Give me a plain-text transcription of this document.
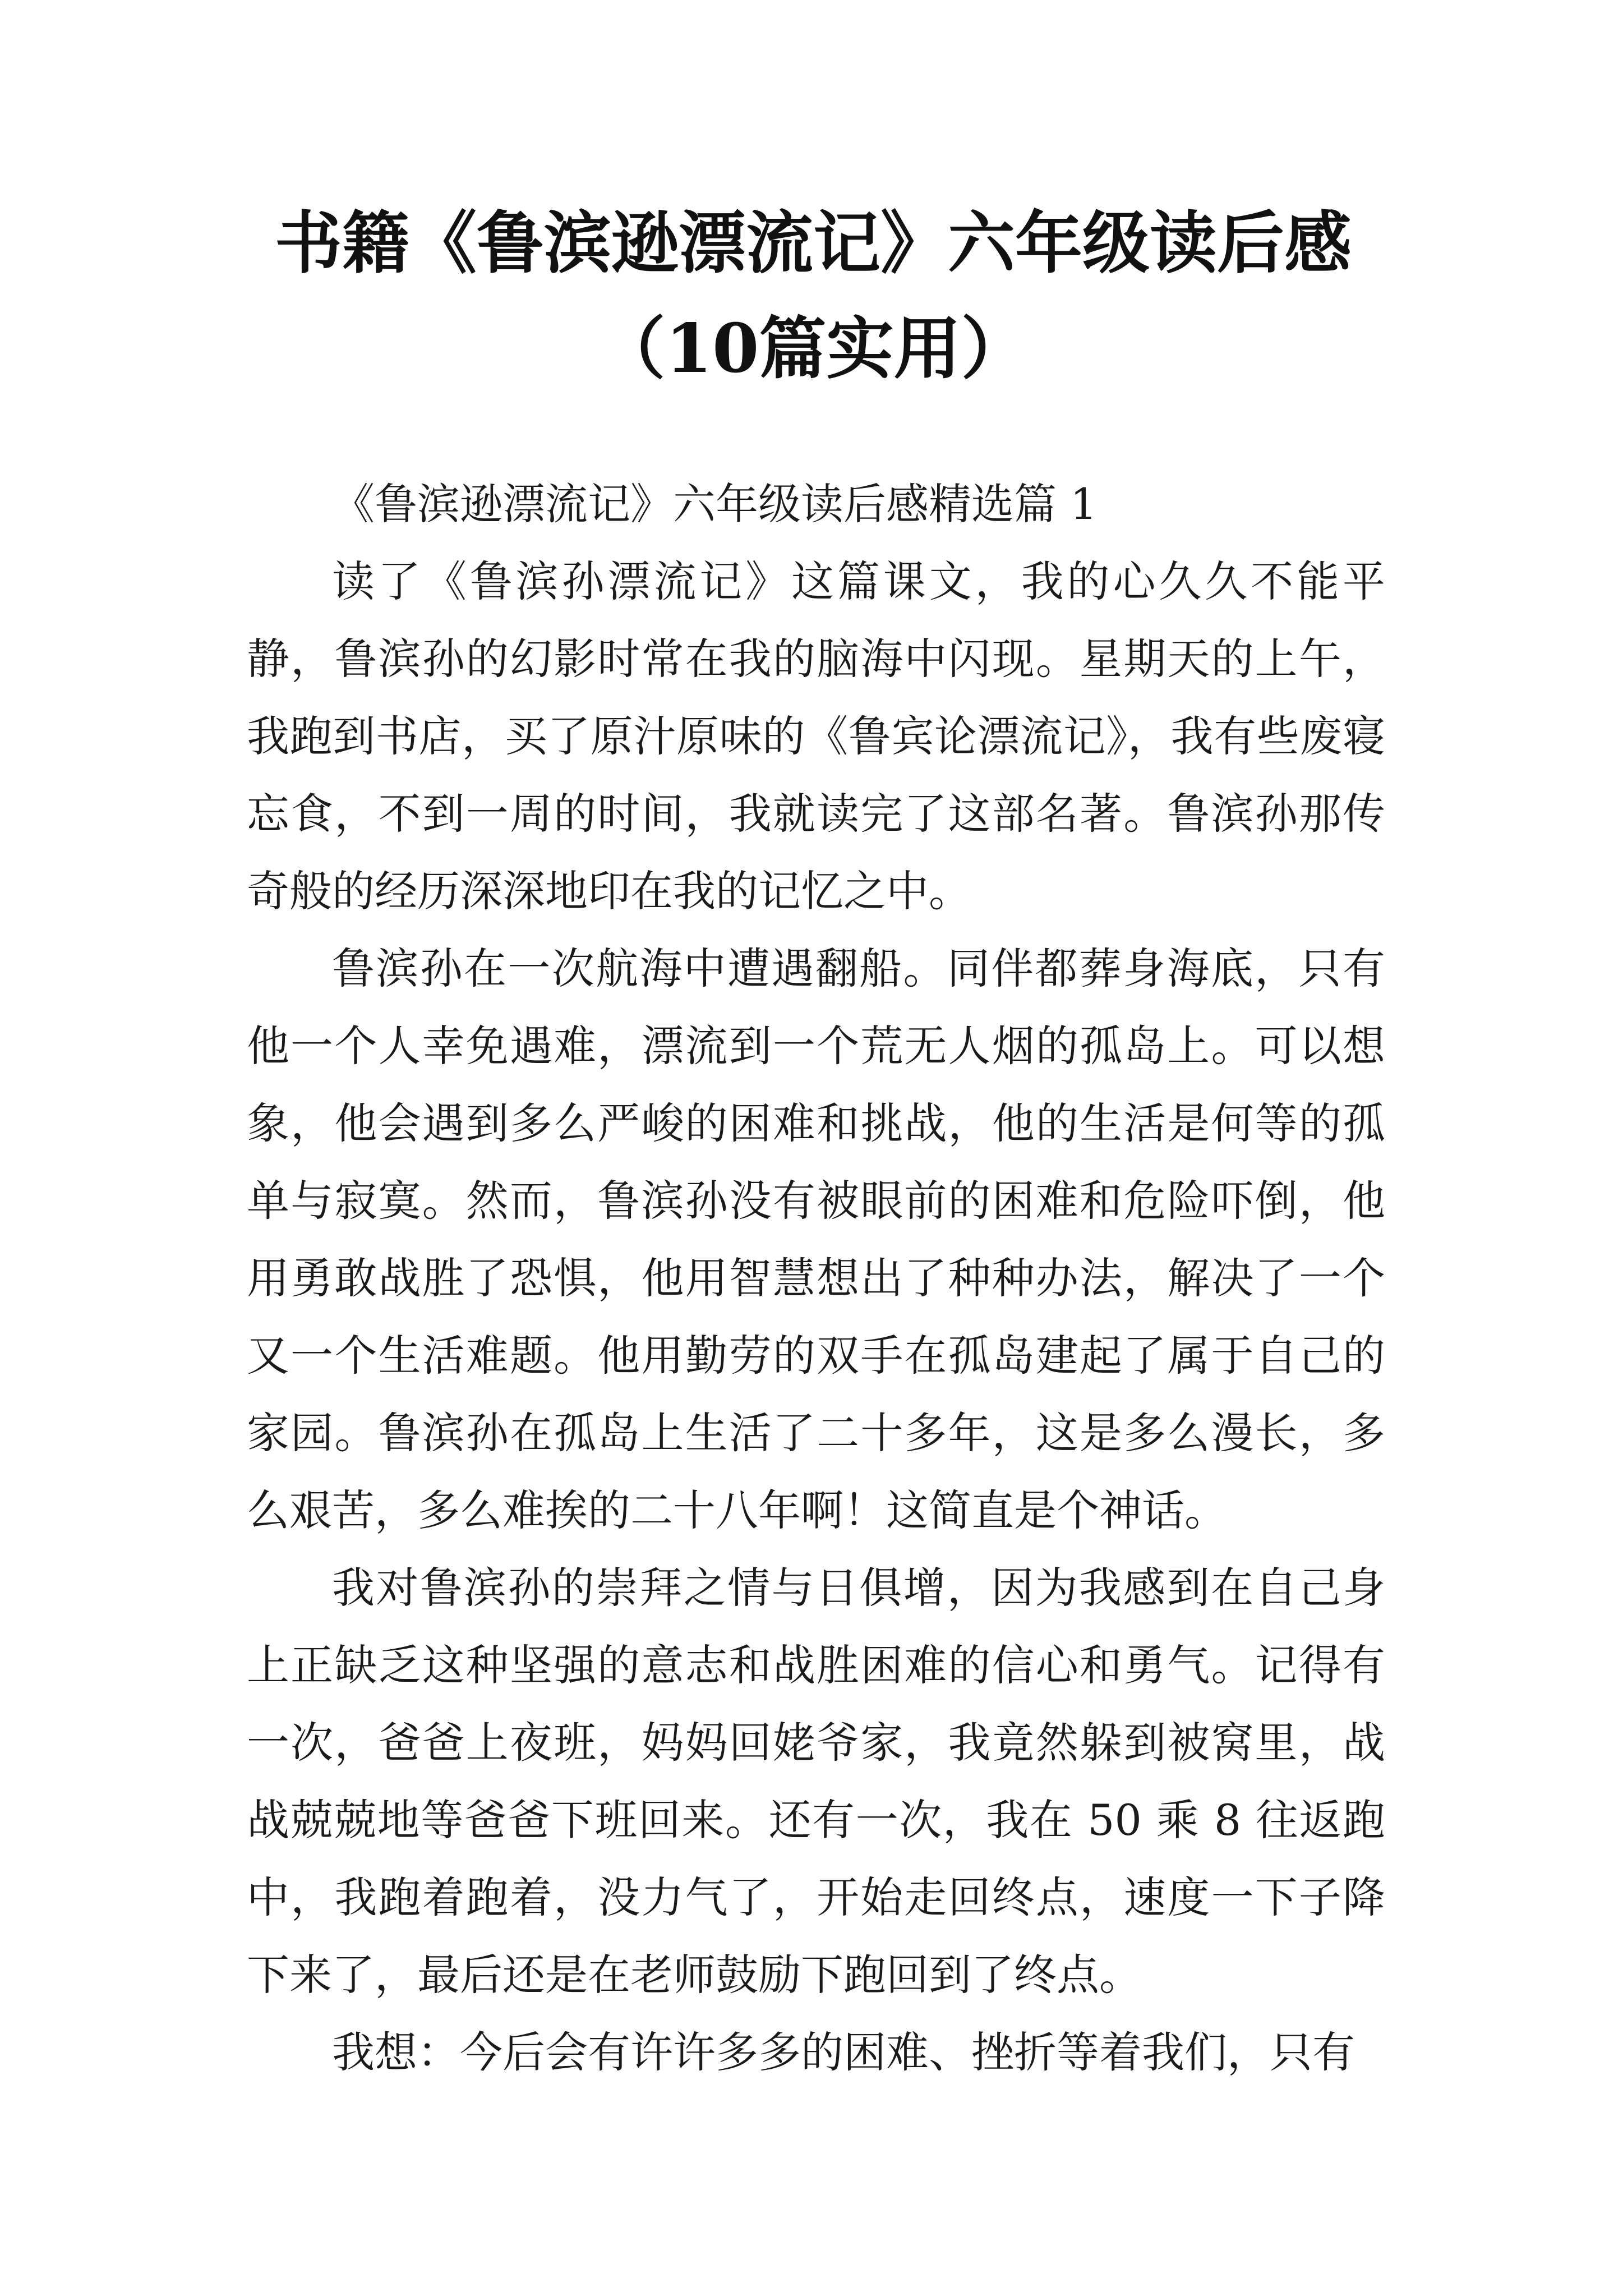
书籍《鲁滨逊漂流记》六年级读后感（10篇实用）

《鲁滨逊漂流记》六年级读后感精选篇 1

读了《鲁滨孙漂流记》这篇课文，我的心久久不能平静，鲁滨孙的幻影时常在我的脑海中闪现。星期天的上午，我跑到书店，买了原汁原味的《鲁宾论漂流记》，我有些废寝忘食，不到一周的时间，我就读完了这部名著。鲁滨孙那传奇般的经历深深地印在我的记忆之中。

鲁滨孙在一次航海中遭遇翻船。同伴都葬身海底，只有他一个人幸免遇难，漂流到一个荒无人烟的孤岛上。可以想象，他会遇到多么严峻的困难和挑战，他的生活是何等的孤单与寂寞。然而，鲁滨孙没有被眼前的困难和危险吓倒，他用勇敢战胜了恐惧，他用智慧想出了种种办法，解决了一个又一个生活难题。他用勤劳的双手在孤岛建起了属于自己的家园。鲁滨孙在孤岛上生活了二十多年，这是多么漫长，多么艰苦，多么难挨的二十八年啊！这简直是个神话。

我对鲁滨孙的崇拜之情与日俱增，因为我感到在自己身上正缺乏这种坚强的意志和战胜困难的信心和勇气。记得有一次，爸爸上夜班，妈妈回姥爷家，我竟然躲到被窝里，战战兢兢地等爸爸下班回来。还有一次，我在 50 乘 8 往返跑中，我跑着跑着，没力气了，开始走回终点，速度一下子降下来了，最后还是在老师鼓励下跑回到了终点。

我想：今后会有许许多多的困难、挫折等着我们，只有
